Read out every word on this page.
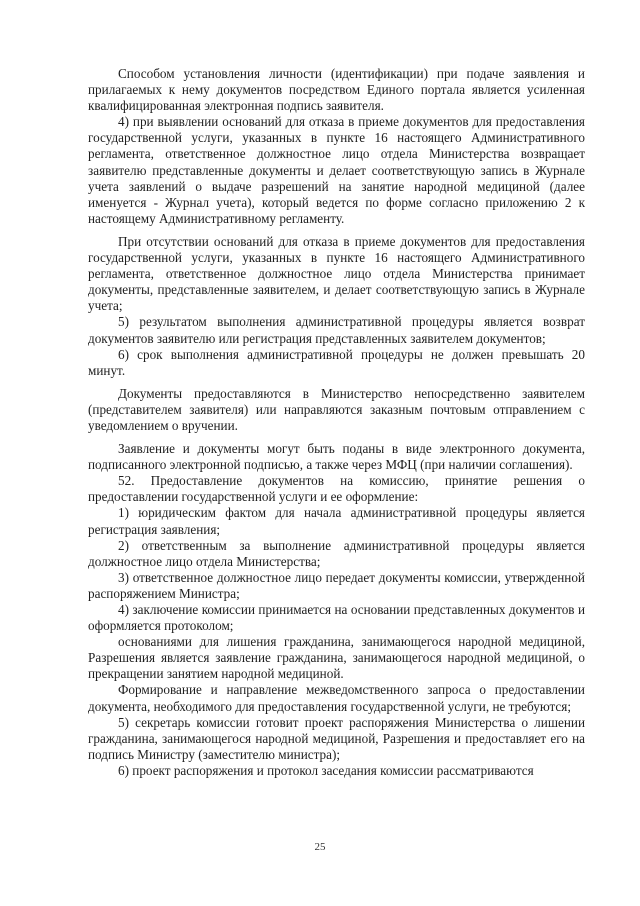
Способом установления личности (идентификации) при подаче заявления и прилагаемых к нему документов посредством Единого портала является усиленная квалифицированная электронная подпись заявителя.

4) при выявлении оснований для отказа в приеме документов для предоставления государственной услуги, указанных в пункте 16 настоящего Административного регламента, ответственное должностное лицо отдела Министерства возвращает заявителю представленные документы и делает соответствующую запись в Журнале учета заявлений о выдаче разрешений на занятие народной медициной (далее именуется - Журнал учета), который ведется по форме согласно приложению 2 к настоящему Административному регламенту.

При отсутствии оснований для отказа в приеме документов для предоставления государственной услуги, указанных в пункте 16 настоящего Административного регламента, ответственное должностное лицо отдела Министерства принимает документы, представленные заявителем, и делает соответствующую запись в Журнале учета;

5) результатом выполнения административной процедуры является возврат документов заявителю или регистрация представленных заявителем документов;

6) срок выполнения административной процедуры не должен превышать 20 минут.

Документы предоставляются в Министерство непосредственно заявителем (представителем заявителя) или направляются заказным почтовым отправлением с уведомлением о вручении.

Заявление и документы могут быть поданы в виде электронного документа, подписанного электронной подписью, а также через МФЦ (при наличии соглашения).

52. Предоставление документов на комиссию, принятие решения о предоставлении государственной услуги и ее оформление:

1) юридическим фактом для начала административной процедуры является регистрация заявления;

2) ответственным за выполнение административной процедуры является должностное лицо отдела Министерства;

3) ответственное должностное лицо передает документы комиссии, утвержденной распоряжением Министра;

4) заключение комиссии принимается на основании представленных документов и оформляется протоколом;

основаниями для лишения гражданина, занимающегося народной медициной, Разрешения является заявление гражданина, занимающегося народной медициной, о прекращении занятием народной медициной.

Формирование и направление межведомственного запроса о предоставлении документа, необходимого для предоставления государственной услуги, не требуются;

5) секретарь комиссии готовит проект распоряжения Министерства о лишении гражданина, занимающегося народной медициной, Разрешения и предоставляет его на подпись Министру (заместителю министра);

6) проект распоряжения и протокол заседания комиссии рассматриваются

25
